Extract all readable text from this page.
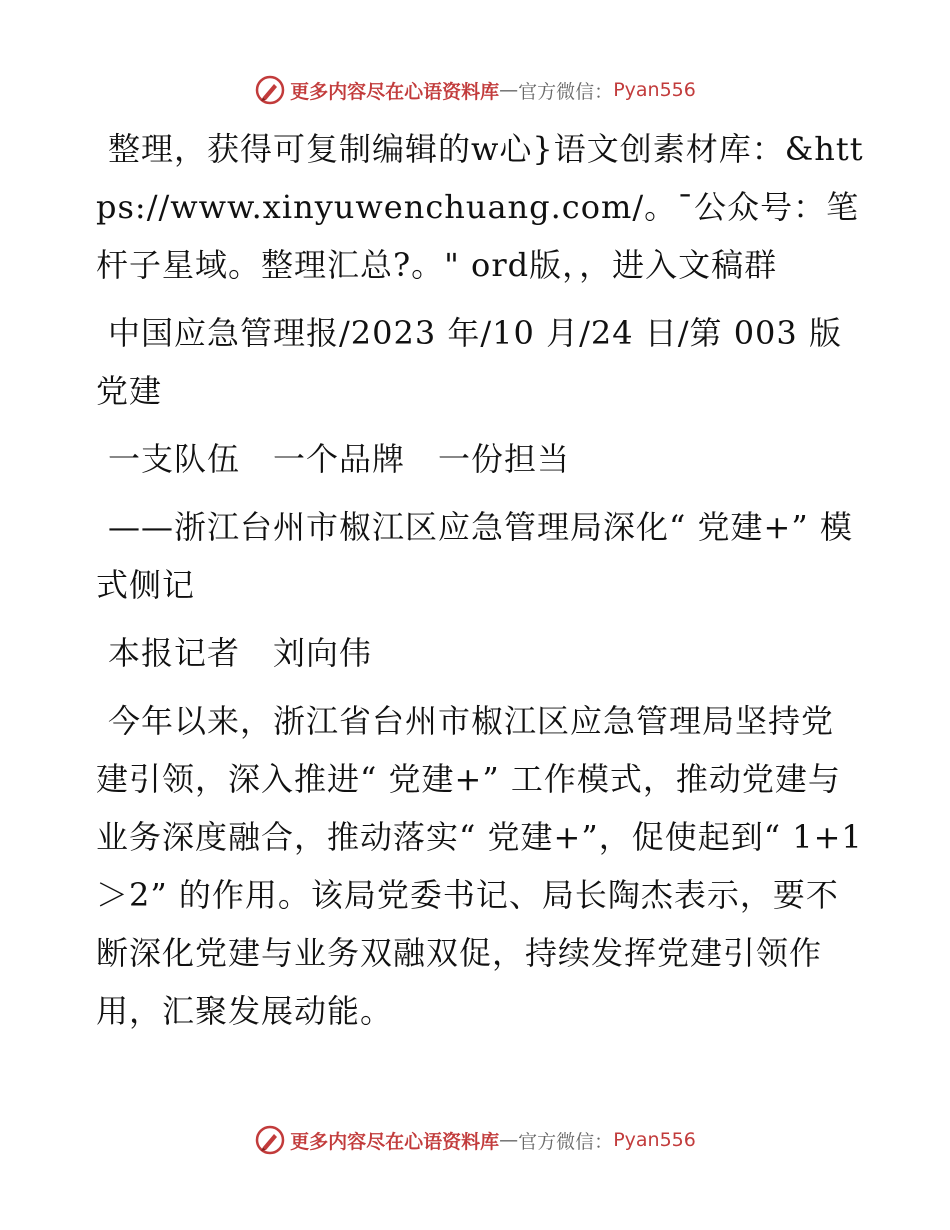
更多内容尽在心语资料库 — 官方微信： Pyan556

整理，获得可复制编辑的w心}语文创素材库：&https://www.xinyuwenchuang.com/。¯公众号：笔杆子星域。整理汇总?。" ord版，，进入文稿群

中国应急管理报/2023 年/10 月/24 日/第 003 版党建

一支队伍　一个品牌　一份担当

——浙江台州市椒江区应急管理局深化“ 党建+” 模式侧记

本报记者　刘向伟

今年以来，浙江省台州市椒江区应急管理局坚持党建引领，深入推进“ 党建+” 工作模式，推动党建与业务深度融合，推动落实“ 党建+”，促使起到“ 1+1＞2” 的作用。该局党委书记、局长陶杰表示，要不断深化党建与业务双融双促，持续发挥党建引领作用，汇聚发展动能。

更多内容尽在心语资料库 — 官方微信： Pyan556
